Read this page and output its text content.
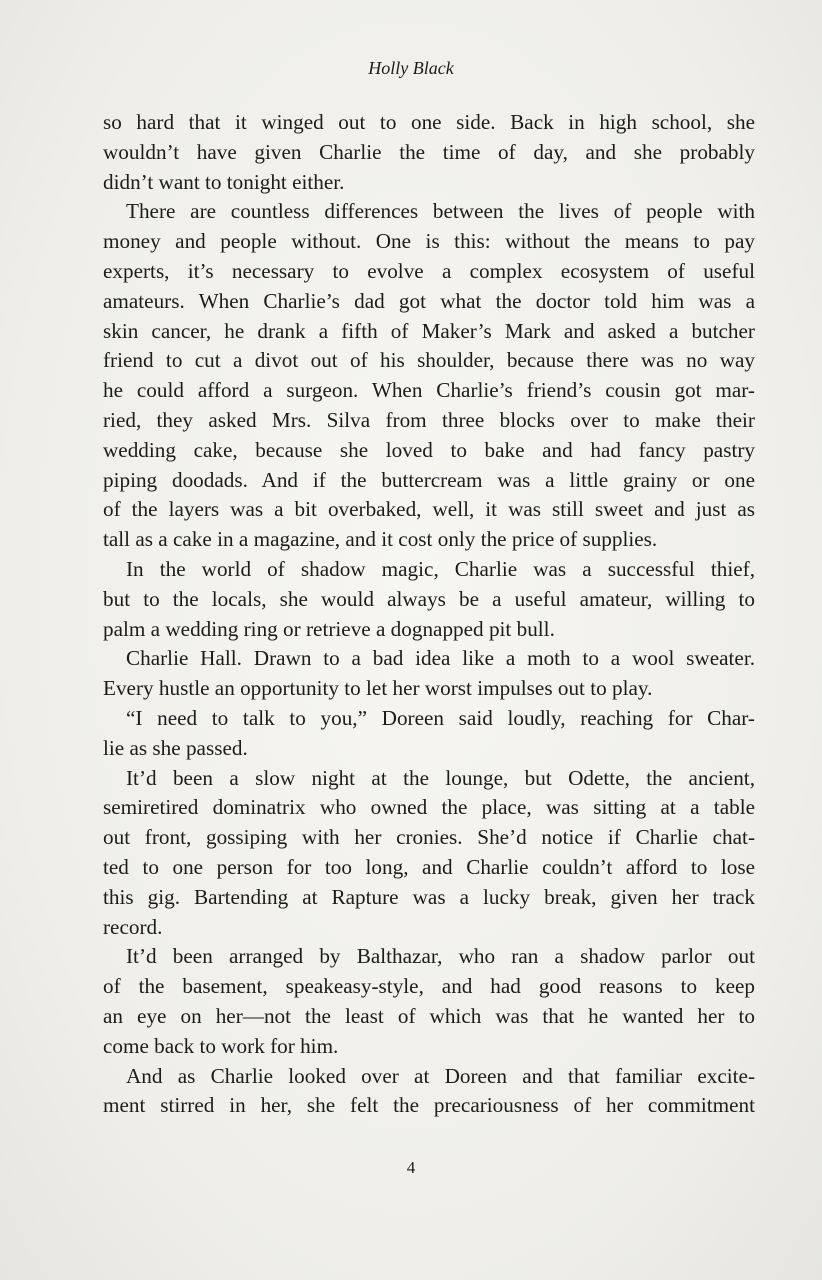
Holly Black
so hard that it winged out to one side. Back in high school, she
wouldn’t have given Charlie the time of day, and she probably
didn’t want to tonight either.
There are countless differences between the lives of people with
money and people without. One is this: without the means to pay
experts, it’s necessary to evolve a complex ecosystem of useful
amateurs. When Charlie’s dad got what the doctor told him was a
skin cancer, he drank a fifth of Maker’s Mark and asked a butcher
friend to cut a divot out of his shoulder, because there was no way
he could afford a surgeon. When Charlie’s friend’s cousin got mar-
ried, they asked Mrs. Silva from three blocks over to make their
wedding cake, because she loved to bake and had fancy pastry
piping doodads. And if the buttercream was a little grainy or one
of the layers was a bit overbaked, well, it was still sweet and just as
tall as a cake in a magazine, and it cost only the price of supplies.
In the world of shadow magic, Charlie was a successful thief,
but to the locals, she would always be a useful amateur, willing to
palm a wedding ring or retrieve a dognapped pit bull.
Charlie Hall. Drawn to a bad idea like a moth to a wool sweater.
Every hustle an opportunity to let her worst impulses out to play.
“I need to talk to you,” Doreen said loudly, reaching for Char-
lie as she passed.
It’d been a slow night at the lounge, but Odette, the ancient,
semiretired dominatrix who owned the place, was sitting at a table
out front, gossiping with her cronies. She’d notice if Charlie chat-
ted to one person for too long, and Charlie couldn’t afford to lose
this gig. Bartending at Rapture was a lucky break, given her track
record.
It’d been arranged by Balthazar, who ran a shadow parlor out
of the basement, speakeasy-style, and had good reasons to keep
an eye on her—not the least of which was that he wanted her to
come back to work for him.
And as Charlie looked over at Doreen and that familiar excite-
ment stirred in her, she felt the precariousness of her commitment
4
